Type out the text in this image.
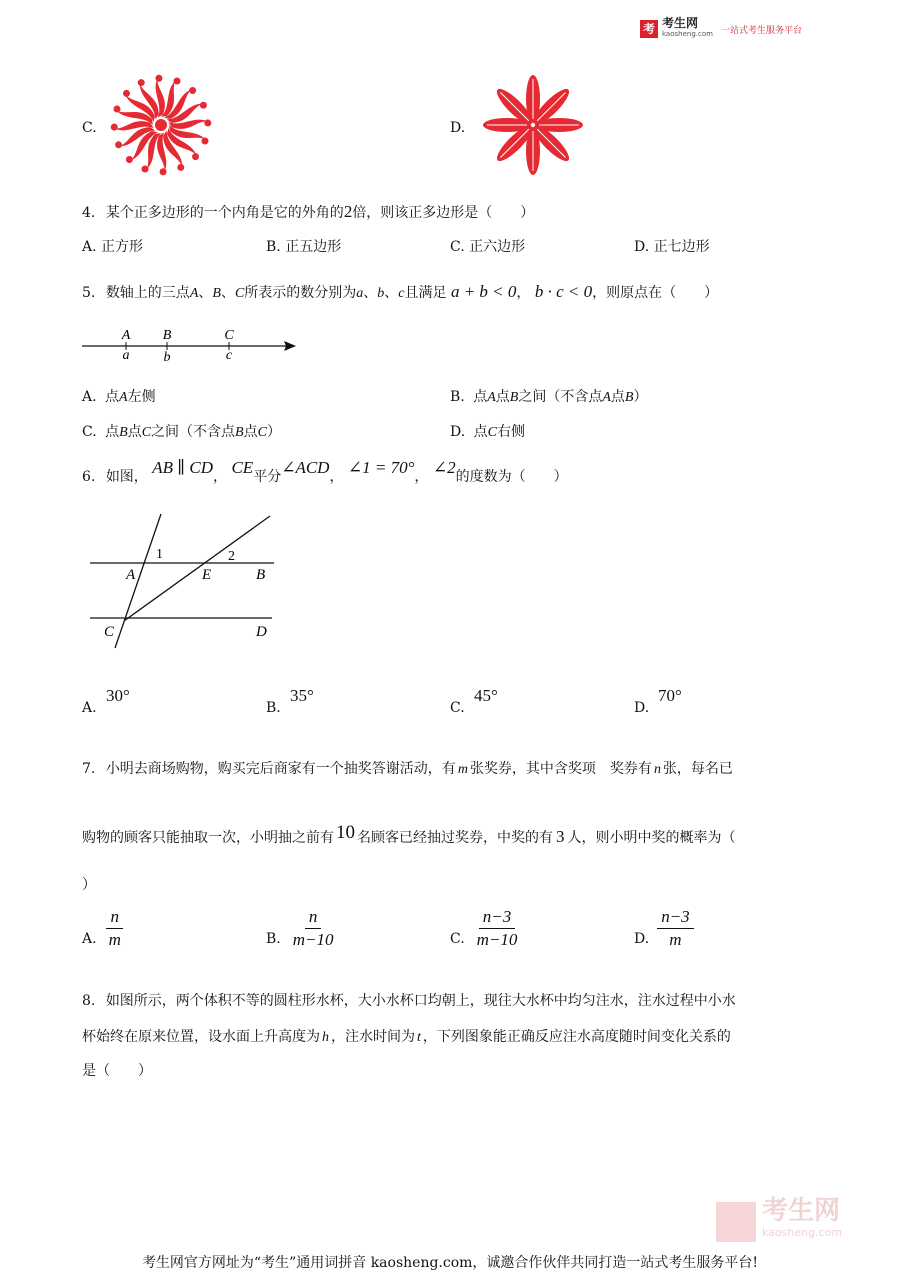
考 考生网
kaosheng.com 一站式考生服务平台
C.	D.
4. 某个正多边形的一个内角是它的外角的2倍，则该正多边形是（　　）
A. 正方形	B. 正五边形	C. 正六边形	D. 正七边形
5. 数轴上的三点A、B、C所表示的数分别为a、b、c且满足 a + b < 0， b · c < 0，则原点在（　　）
A B	C
a b	c
A. 点A左侧	B. 点A点B之间（不含点A点B）
C. 点B点C之间（不含点B点C）	D. 点C右侧
6. 如图， AB ∥ CD， CE平分∠ACD， ∠1 = 70°， ∠2的度数为（　　）
1	2
A	E	B
C	D
A.
30°
B.
35°
C.
45°
D.
70°
7. 小明去商场购物，购买完后商家有一个抽奖答谢活动，有 m 张奖券，其中含奖项　奖券有 n 张，每名已
购物的顾客只能抽取一次，小明抽之前有 10 名顾客已经抽过奖券，中奖的有 3 人，则小明中奖的概率为（
）
A. $\frac{n}{m}$	B. $\frac{n}{m-10}$	C. $\frac{n-3}{m-10}$	D. $\frac{n-3}{m}$
8. 如图所示，两个体积不等的圆柱形水杯，大小水杯口均朝上，现往大水杯中均匀注水，注水过程中小水
杯始终在原来位置，设水面上升高度为 h ，注水时间为 t ，下列图象能正确反应注水高度随时间变化关系的
是（　　）
考生网
kaosheng.com
考生网官方网址为“考生”通用词拼音 kaosheng.com，诚邀合作伙伴共同打造一站式考生服务平台!
